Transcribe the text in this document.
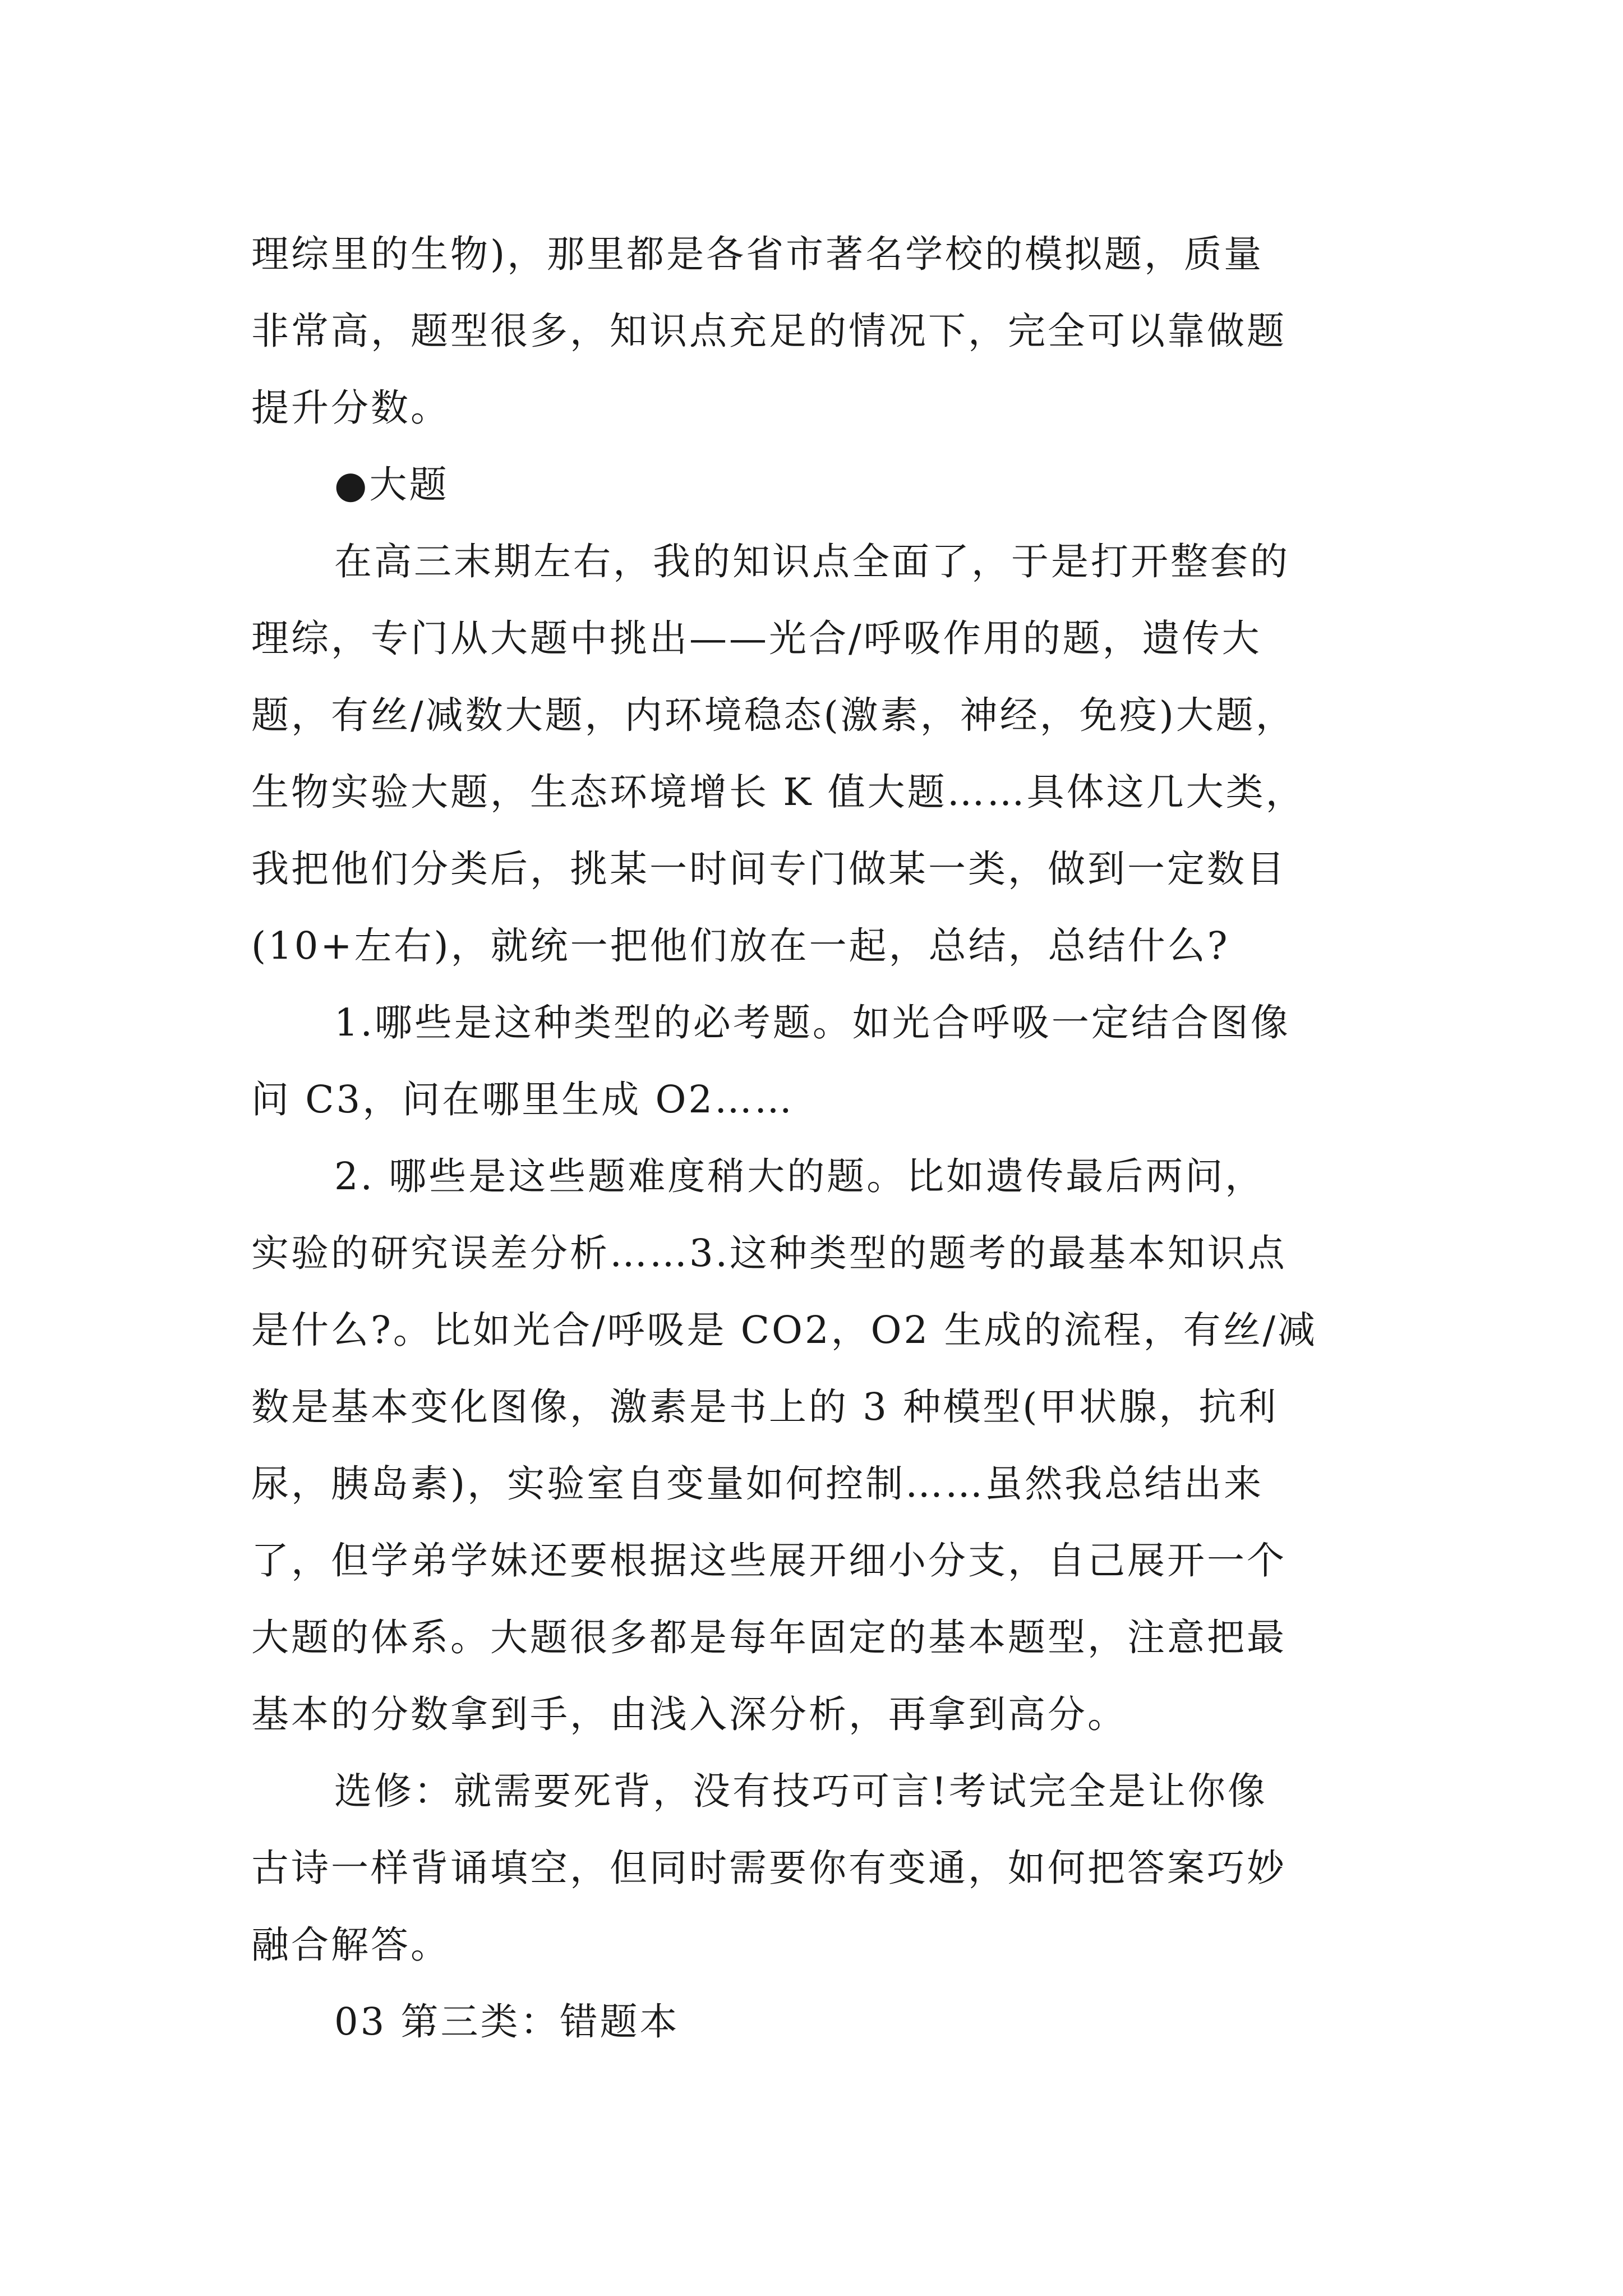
理综里的生物)，那里都是各省市著名学校的模拟题，质量
非常高，题型很多，知识点充足的情况下，完全可以靠做题
提升分数。
●大题
在高三末期左右，我的知识点全面了，于是打开整套的
理综，专门从大题中挑出——光合/呼吸作用的题，遗传大
题，有丝/减数大题，内环境稳态(激素，神经，免疫)大题，
生物实验大题，生态环境增长 K 值大题……具体这几大类，
我把他们分类后，挑某一时间专门做某一类，做到一定数目
(10+左右)，就统一把他们放在一起，总结，总结什么?
1.哪些是这种类型的必考题。如光合呼吸一定结合图像
问 C3，问在哪里生成 O2……
2. 哪些是这些题难度稍大的题。比如遗传最后两问，
实验的研究误差分析……3.这种类型的题考的最基本知识点
是什么?。比如光合/呼吸是 CO2，O2 生成的流程，有丝/减
数是基本变化图像，激素是书上的 3 种模型(甲状腺，抗利
尿，胰岛素)，实验室自变量如何控制……虽然我总结出来
了，但学弟学妹还要根据这些展开细小分支，自己展开一个
大题的体系。大题很多都是每年固定的基本题型，注意把最
基本的分数拿到手，由浅入深分析，再拿到高分。
选修：就需要死背，没有技巧可言!考试完全是让你像
古诗一样背诵填空，但同时需要你有变通，如何把答案巧妙
融合解答。
03 第三类：错题本
